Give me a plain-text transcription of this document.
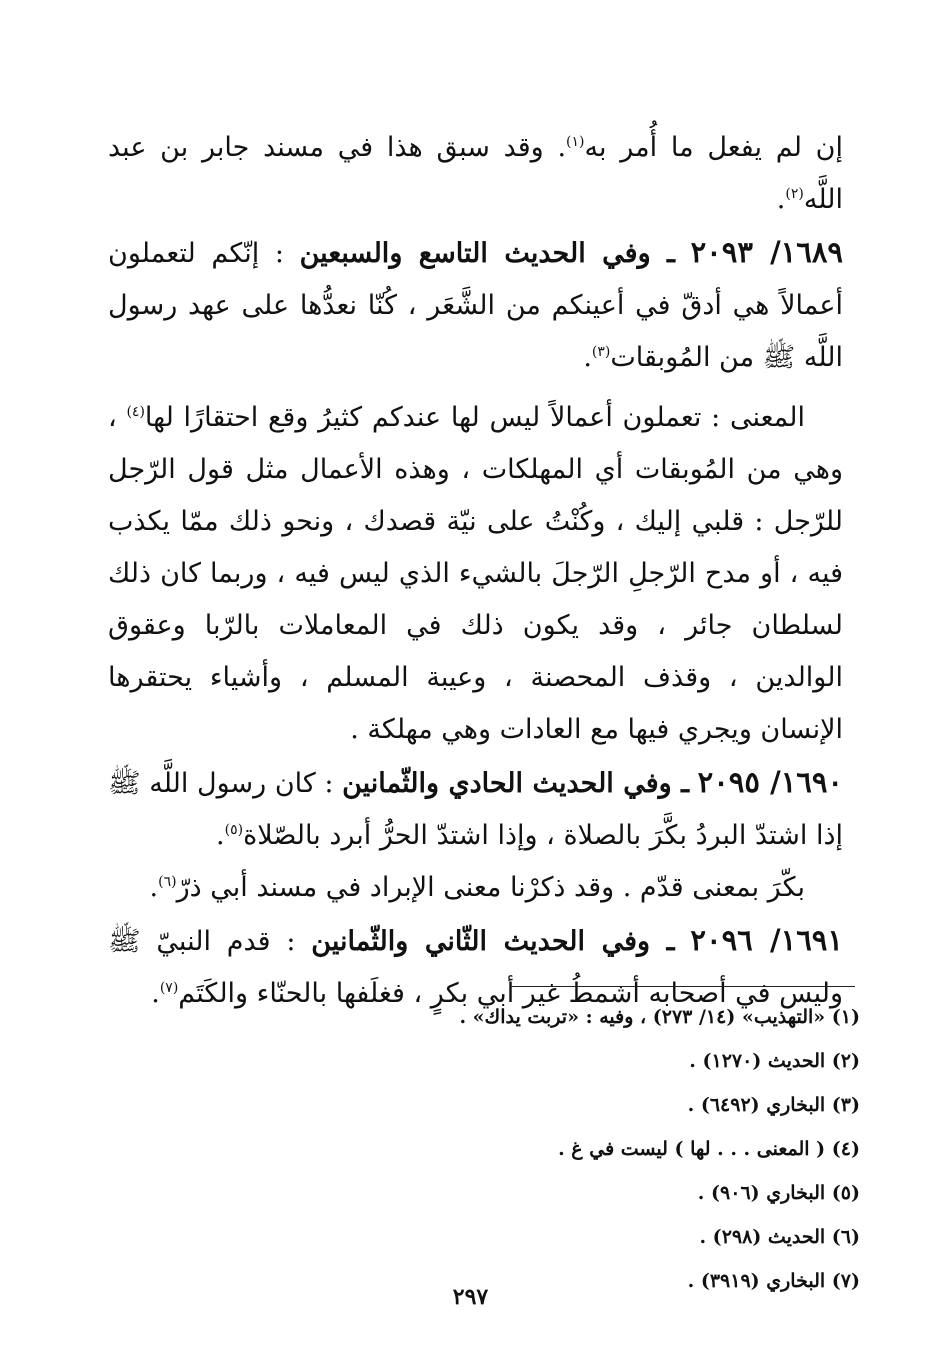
إن لم يفعل ما أُمر به$^{(١)}$. وقد سبق هذا في مسند جابر بن عبد اللَّه$^{(٢)}$.

١٦٨٩/ ٢٠٩٣ ـ وفي الحديث التاسع والسبعين : إنّكم لتعملون أعمالاً هي أدقّ في أعينكم من الشَّعَر ، كُنّا نعدُّها على عهد رسول اللَّه ﷺ من المُوبقات$^{(٣)}$.

المعنى : تعملون أعمالاً ليس لها عندكم كثيرُ وقع احتقارًا لها$^{(٤)}$ ، وهي من المُوبقات أي المهلكات ، وهذه الأعمال مثل قول الرّجل للرّجل : قلبي إليك ، وكُنْتُ على نيّة قصدك ، ونحو ذلك ممّا يكذب فيه ، أو مدح الرّجلِ الرّجلَ بالشيء الذي ليس فيه ، وربما كان ذلك لسلطان جائر ، وقد يكون ذلك في المعاملات بالرّبا وعقوق الوالدين ، وقذف المحصنة ، وعيبة المسلم ، وأشياء يحتقرها الإنسان ويجري فيها مع العادات وهي مهلكة .

١٦٩٠/ ٢٠٩٥ ـ وفي الحديث الحادي والثّمانين : كان رسول اللَّه ﷺ إذا اشتدّ البردُ بكَّرَ بالصلاة ، وإذا اشتدّ الحرُّ أبرد بالصّلاة$^{(٥)}$.

بكّرَ بمعنى قدّم . وقد ذكرْنا معنى الإبراد في مسند أبي ذرّ$^{(٦)}$.

١٦٩١/ ٢٠٩٦ ـ وفي الحديث الثّاني والثّمانين : قدم النبيّ ﷺ وليس في أصحابه أشمطُ غير أبي بكرٍ ، فغلَفها بالحنّاء والكَتَم$^{(٧)}$.

(١) «التهذيب» (١٤/ ٢٧٣) ، وفيه : «تربت يداك» .

(٢) الحديث (١٢٧٠) .

(٣) البخاري (٦٤٩٢) .

(٤) ( المعنى . . . لها ) ليست في غ .

(٥) البخاري (٩٠٦) .

(٦) الحديث (٢٩٨) .

(٧) البخاري (٣٩١٩) .

٢٩٧
